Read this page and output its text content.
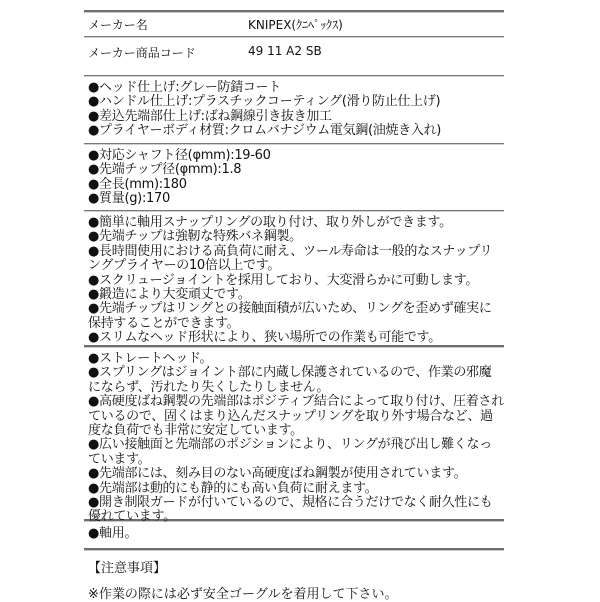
メーカー名	KNIPEX(ｸﾆﾍﾟｯｸｽ)
メーカー商品コード	49 11 A2 SB
● ヘッド仕上げ:グレー防錆コート
● ハンドル仕上げ:プラスチックコーティング(滑り防止仕上げ)
● 差込先端部仕上げ:ばね鋼線引き抜き加工
● プライヤーボディ材質:クロムバナジウム電気鋼(油焼き入れ)
● 対応シャフト径(φmm):19-60
● 先端チップ径(φmm):1.8
● 全長(mm):180
● 質量(g):170
● 簡単に軸用スナップリングの取り付け、取り外しができます。
● 先端チップは強靭な特殊バネ鋼製。
● 長時間使用における高負荷に耐え、ツール寿命は一般的なスナップリングプライヤーの10倍以上です。
● スクリュージョイントを採用しており、大変滑らかに可動します。
● 鍛造により大変頑丈です。
● 先端チップはリングとの接触面積が広いため、リングを歪めず確実に保持することができます。
● スリムなヘッド形状により、狭い場所での作業も可能です。
● ストレートヘッド。
● スプリングはジョイント部に内蔵し保護されているので、作業の邪魔にならず、汚れたり失くしたりしません。
● 高硬度ばね鋼製の先端部はポジティブ結合によって取り付け、圧着されているので、固くはまり込んだスナップリングを取り外す場合など、過度な負荷でも非常に安定しています。
● 広い接触面と先端部のポジションにより、リングが飛び出し難くなっています。
● 先端部には、刻み目のない高硬度ばね鋼製が使用されています。
● 先端部は動的にも静的にも高い負荷に耐えます。
● 開き制限ガードが付いているので、規格に合うだけでなく耐久性にも優れています。
● 軸用。
【注意事項】
※作業の際には必ず安全ゴーグルを着用して下さい。
